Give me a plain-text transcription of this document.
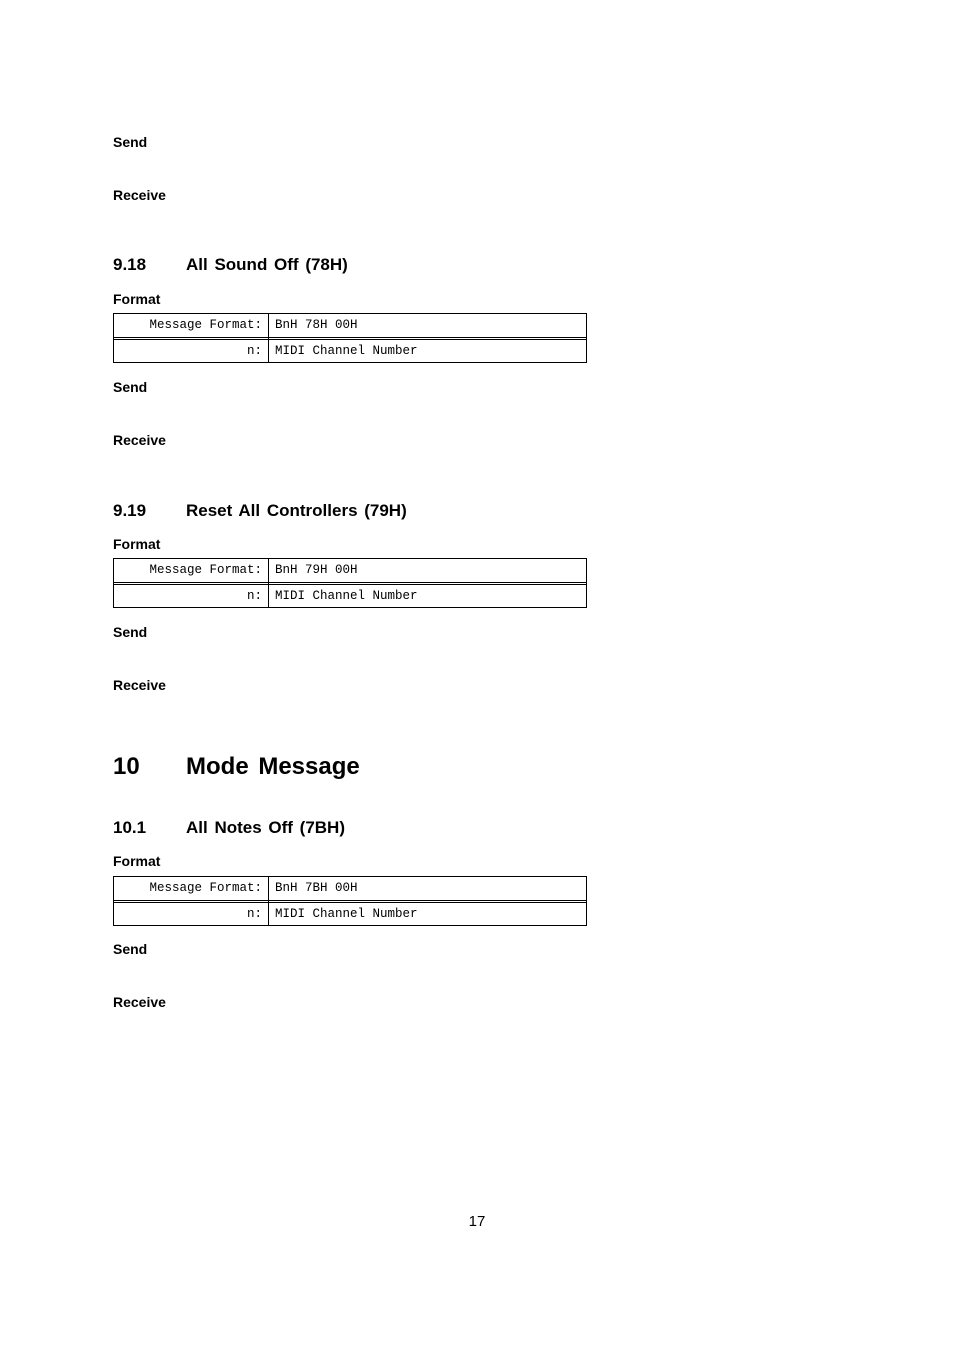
Send
Receive
9.18 All Sound Off (78H)
Format
Message Format: BnH 78H 00H
n: MIDI Channel Number
Send
Receive
9.19 Reset All Controllers (79H)
Format
Message Format: BnH 79H 00H
n: MIDI Channel Number
Send
Receive
10 Mode Message
10.1 All Notes Off (7BH)
Format
Message Format: BnH 7BH 00H
n: MIDI Channel Number
Send
Receive
17
